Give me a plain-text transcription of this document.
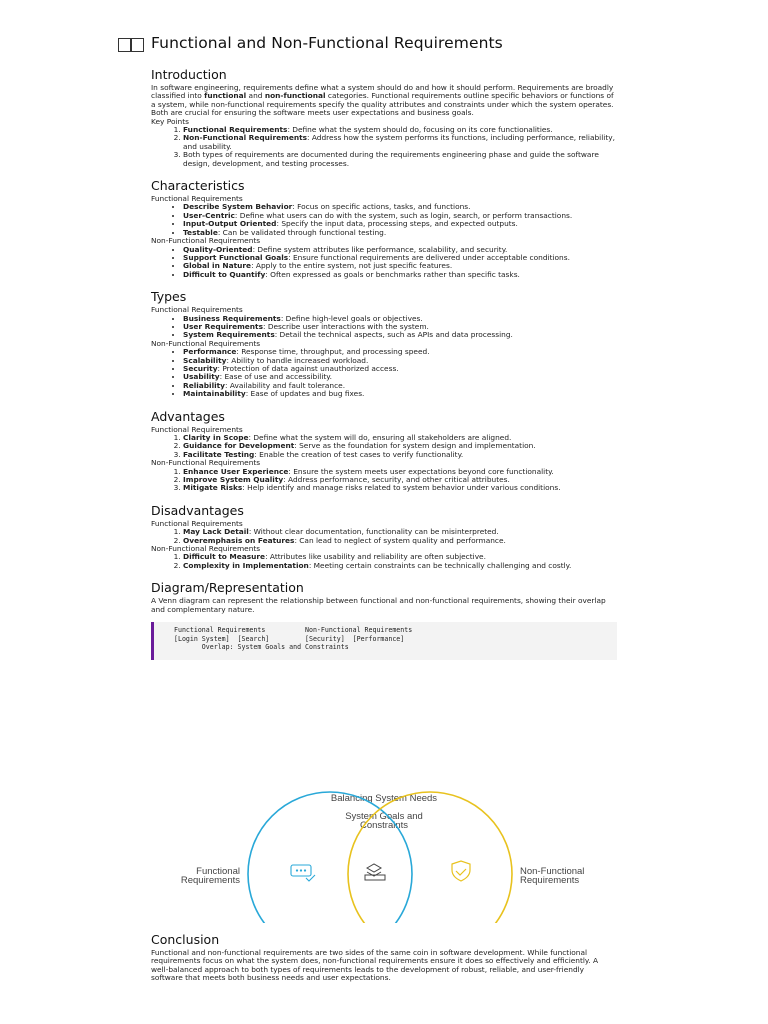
Functional and Non-Functional Requirements
Introduction

In software engineering, requirements define what a system should do and how it should perform. Requirements are broadly classified into functional and non-functional categories. Functional requirements outline specific behaviors or functions of a system, while non-functional requirements specify the quality attributes and constraints under which the system operates. Both are crucial for ensuring the software meets user expectations and business goals.

Key Points

1. Functional Requirements: Define what the system should do, focusing on its core functionalities.
2. Non-Functional Requirements: Address how the system performs its functions, including performance, reliability, and usability.
3. Both types of requirements are documented during the requirements engineering phase and guide the software design, development, and testing processes.
Characteristics

Functional Requirements

• Describe System Behavior: Focus on specific actions, tasks, and functions.
• User-Centric: Define what users can do with the system, such as login, search, or perform transactions.
• Input-Output Oriented: Specify the input data, processing steps, and expected outputs.
• Testable: Can be validated through functional testing.

Non-Functional Requirements

• Quality-Oriented: Define system attributes like performance, scalability, and security.
• Support Functional Goals: Ensure functional requirements are delivered under acceptable conditions.
• Global in Nature: Apply to the entire system, not just specific features.
• Difficult to Quantify: Often expressed as goals or benchmarks rather than specific tasks.
Types

Functional Requirements

• Business Requirements: Define high-level goals or objectives.
• User Requirements: Describe user interactions with the system.
• System Requirements: Detail the technical aspects, such as APIs and data processing.

Non-Functional Requirements

• Performance: Response time, throughput, and processing speed.
• Scalability: Ability to handle increased workload.
• Security: Protection of data against unauthorized access.
• Usability: Ease of use and accessibility.
• Reliability: Availability and fault tolerance.
• Maintainability: Ease of updates and bug fixes.
Advantages

Functional Requirements

1. Clarity in Scope: Define what the system will do, ensuring all stakeholders are aligned.
2. Guidance for Development: Serve as the foundation for system design and implementation.
3. Facilitate Testing: Enable the creation of test cases to verify functionality.

Non-Functional Requirements

1. Enhance User Experience: Ensure the system meets user expectations beyond core functionality.
2. Improve System Quality: Address performance, security, and other critical attributes.
3. Mitigate Risks: Help identify and manage risks related to system behavior under various conditions.
Disadvantages

Functional Requirements

1. May Lack Detail: Without clear documentation, functionality can be misinterpreted.
2. Overemphasis on Features: Can lead to neglect of system quality and performance.

Non-Functional Requirements

1. Difficult to Measure: Attributes like usability and reliability are often subjective.
2. Complexity in Implementation: Meeting certain constraints can be technically challenging and costly.
Diagram/Representation

A Venn diagram can represent the relationship between functional and non-functional requirements, showing their overlap and complementary nature.

Functional Requirements          Non-Functional Requirements
[Login System]  [Search]         [Security]  [Performance]
Overlap: System Goals and Constraints
Balancing System Needs
System Goals and
Constraints
Functional
Requirements
Non-Functional
Requirements
Conclusion

Functional and non-functional requirements are two sides of the same coin in software development. While functional requirements focus on what the system does, non-functional requirements ensure it does so effectively and efficiently. A well-balanced approach to both types of requirements leads to the development of robust, reliable, and user-friendly software that meets both business needs and user expectations.
